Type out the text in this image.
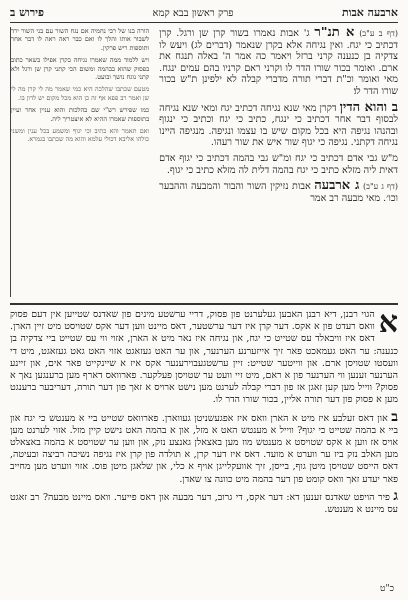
ארבעה אבות
פרק ראשון בבא קמא
פירוש ב

(דף ב ע"ב) א תנ"ר ג' אבות נאמרו בשור קרן שן ורגל. קרן דכתיב כי יגח. ואין נגיחה אלא בקרן שנאמר (דברים לג) ויעש לו צדקיה בן כנענה קרני ברזל ויאמר כה אמר ה' באלה תנגח את ארם. ואומר בכור שורו הדר לו וקרני ראם קרניו בהם עמים ינגח. מאי ואומר וכ"ת דברי תורה מדברי קבלה לא ילפינן ת"ש בכור שורו הדר לו׃

ב והוא הדין דקרן מאי שנא נגיחה דכתיב יגח ומאי שנא נגיחה לבסוף דבר אחר דכתיב כי ינגח, כתיב כי יגח וכתיב כי ינגוף ובהנהו נגיפה היא בכל מקום שיש בו עצמו ונגיפה. מנגיפה היינו נגיחה דקתני. נגיפה כי יגוף שור איש את שור רעהו.

מ"ש גבי אדם דכתיב כי יגח ומ"ש גבי בהמה דכתיב כי יגוף אדם דאית ליה מזלא כתיב כי יגח בהמה דלית לה מזלא כתיב כי יגוף.

(דף ג ע"ב) ג ארבעה אבות נזיקין השור והבור והמבעה וההבער וכו׳. מאי מבעה רב אמר

הורה בנו של רבי נחמיה אם נגח השור עם בני השור ירד לשבור אותו והלך לו ואם כבר ראה ראה לו דבר אחר ותוספות ריש פרקין.

ויש ללמוד ממה שאמרו נגיחה בקרן אפילו בשאר כתוב בפסוק שהוא בבהמה ומשום הכי קתני קרן שן ורגל ולא קתני נוגח נושך ובועט.

מטעם שכתבו שהלכה היא כמי שאמר מה לי קרן מה לי שן ואמר רב פפא אף זה כן הוא מכל מקום יש לדון בו.

כמו שפירש רש"י שם בהלכות והוא עניין אחר ועיין בתוספות שאמרו ההיא לא איצטריך ליה.

ואם תאמר והא כתיב וכי יגוף ומשמע בכל ענין ומשני כולהו אליבא דכולי עלמא והוא מה שכתבו בגמרא.

א
הגוי רבנן, דיא רבנן האבען געלערנט פון פסוק, דריי ערשטע מינים פון שאדנס שטייען אין דעם פסוק וואס רעדט פון א אקס. דער קרן איז דער ערשטער, דאס מיינט ווען דער אקס שטויסט מיט זיין הארן. דאס איז וויבאלד עס שטייט כי יגח, און נגיחה איז נאר מיט א הארן, אזוי ווי עס שטייט ביי צדקיה בן כנענה: ער האט געמאכט פאר זיך אייזערנע הערנער, און ער האט געזאגט אזוי האט גאט געזאגט, מיט די וועסטו שטויסן ארם. און ווייטער שטייט: זיין ערשטגעבוירענער אקס איז א שיינקייט פאר אים, און זיינע הערנער זענען ווי הערנער פון א ראם, מיט זיי וועט ער שטויסן פעלקער. פארוואס דארף מען ברענגען נאך א פסוק? ווייל מען קען זאגן אז פון דברי קבלה לערנט מען נישט ארויס א זאך פון דער תורה, דעריבער ברענגט מען א פסוק פון דער תורה אליין, בכור שורו הדר לו.

ב און דאס זעלבע איז מיט א הארן וואס איז אפגעשניטן געווארן. פארוואס שטייט ביי א מענטש כי יגח און ביי א בהמה שטייט כי יגוף? ווייל א מענטש האט א מזל, און א בהמה האט נישט קיין מזל. אזוי לערנט מען אויס אז ווען א אקס שטויסט א מענטש מוז מען באצאלן גאנצע נזק, און ווען ער שטויסט א בהמה באצאלט מען האלב נזק ביז ער ווערט א מועד. דאס איז דער קרן, א תולדה פון קרן איז נגיפה נשיכה רביצה ובעיטה, דאס הייסט שטויסן מיטן גוף, בייסן, זיך אוועקלייגן אויף א כלי, און שלאגן מיטן פוס. אזוי ווערט מען מחייב פאר יעדע זאך וואס קומט פון דער בהמה מיט כוונה צו שאדן.

ג פיר הויפט שאדנס זענען דא: דער אקס, די גרוב, דער מבעה און דאס פייער. וואס מיינט מבעה? רב זאגט עס מיינט א מענטש.

כ"ט
